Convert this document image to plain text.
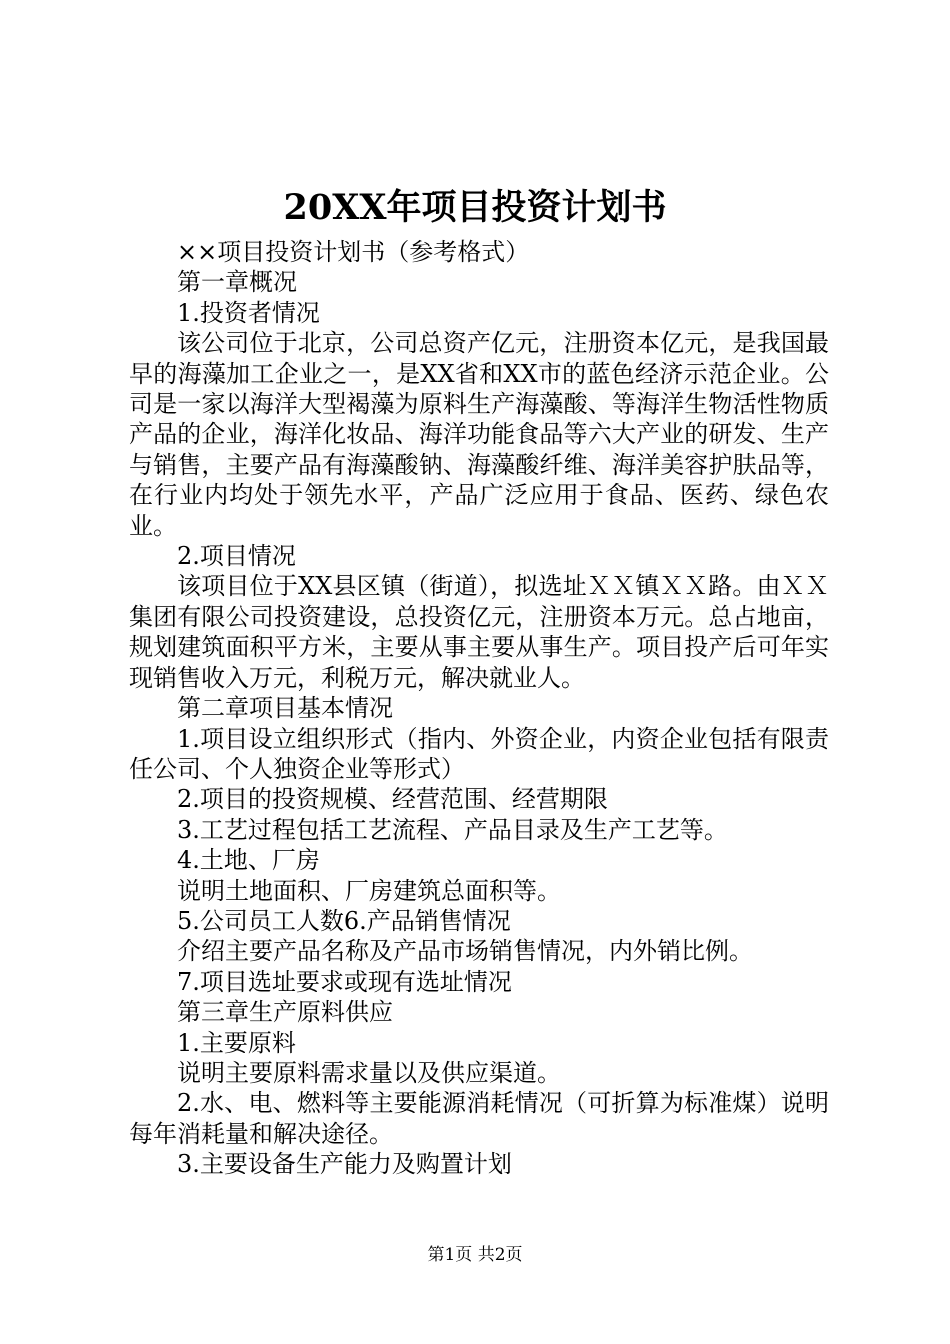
20XX年项目投资计划书

××项目投资计划书（参考格式）

第一章概况

1.投资者情况

该公司位于北京，公司总资产亿元，注册资本亿元，是我国最早的海藻加工企业之一，是XX省和XX市的蓝色经济示范企业。公司是一家以海洋大型褐藻为原料生产海藻酸、等海洋生物活性物质产品的企业，海洋化妆品、海洋功能食品等六大产业的研发、生产与销售，主要产品有海藻酸钠、海藻酸纤维、海洋美容护肤品等，在行业内均处于领先水平，产品广泛应用于食品、医药、绿色农业。

2.项目情况

该项目位于XX县区镇（街道），拟选址ＸＸ镇ＸＸ路。由ＸＸ集团有限公司投资建设，总投资亿元，注册资本万元。总占地亩，规划建筑面积平方米，主要从事主要从事生产。项目投产后可年实现销售收入万元，利税万元，解决就业人。

第二章项目基本情况

1.项目设立组织形式（指内、外资企业，内资企业包括有限责任公司、个人独资企业等形式）

2.项目的投资规模、经营范围、经营期限

3.工艺过程包括工艺流程、产品目录及生产工艺等。

4.土地、厂房

说明土地面积、厂房建筑总面积等。

5.公司员工人数6.产品销售情况

介绍主要产品名称及产品市场销售情况，内外销比例。

7.项目选址要求或现有选址情况

第三章生产原料供应

1.主要原料

说明主要原料需求量以及供应渠道。

2.水、电、燃料等主要能源消耗情况（可折算为标准煤）说明每年消耗量和解决途径。

3.主要设备生产能力及购置计划

第1页 共2页
